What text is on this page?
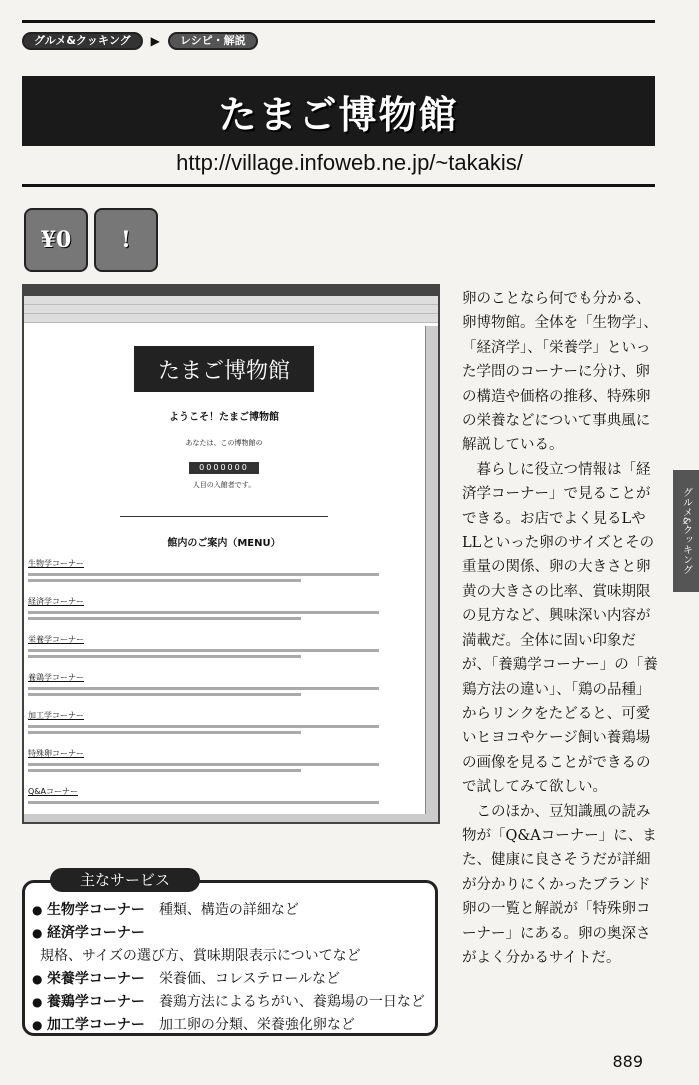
グルメ&クッキング	▶	レシピ・解説
たまご博物館
http://village.infoweb.ne.jp/~takakis/
¥0 !
たまご博物館
ようこそ！たまご博物館
あなたは、この博物館の
0000000
人目の入館者です。
館内のご案内（MENU）
生物学コーナー
経済学コーナー
栄養学コーナー
養鶏学コーナー
加工学コーナー
特殊卵コーナー
Q&Aコーナー

卵のことなら何でも分かる、卵博物館。全体を「生物学」、「経済学」、「栄養学」といった学問のコーナーに分け、卵の構造や価格の推移、特殊卵の栄養などについて事典風に解説している。

暮らしに役立つ情報は「経済学コーナー」で見ることができる。お店でよく見るLやLLといった卵のサイズとその重量の関係、卵の大きさと卵黄の大きさの比率、賞味期限の見方など、興味深い内容が満載だ。全体に固い印象だが、「養鶏学コーナー」の「養鶏方法の違い」、「鶏の品種」からリンクをたどると、可愛いヒヨコやケージ飼い養鶏場の画像を見ることができるので試してみて欲しい。

このほか、豆知識風の読み物が「Q&Aコーナー」に、また、健康に良さそうだが詳細が分かりにくかったブランド卵の一覧と解説が「特殊卵コーナー」にある。卵の奥深さがよく分かるサイトだ。

グルメ&クッキング
主なサービス
● 生物学コーナー 種類、構造の詳細など
● 経済学コーナー
規格、サイズの選び方、賞味期限表示についてなど
● 栄養学コーナー 栄養価、コレステロールなど
● 養鶏学コーナー 養鶏方法によるちがい、養鶏場の一日など
● 加工学コーナー 加工卵の分類、栄養強化卵など
889
